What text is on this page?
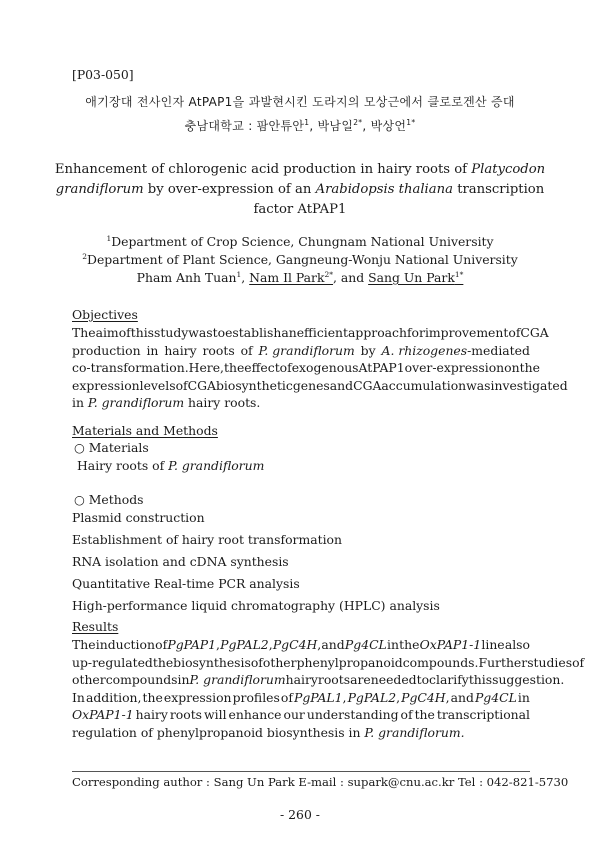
[P03-050]
애기장대 전사인자 AtPAP1을 과발현시킨 도라지의 모상근에서 클로로겐산 증대
충남대학교 : 팜안튜안$^1$, 박남일$^{2*}$, 박상언$^{1*}$
Enhancement of chlorogenic acid production in hairy roots of Platycodon
grandiflorum by over-expression of an Arabidopsis thaliana transcription
factor AtPAP1
$^1$Department of Crop Science, Chungnam National University
$^2$Department of Plant Science, Gangneung-Wonju National University
Pham Anh Tuan$^1$, Nam Il Park$^{2*}$, and Sang Un Park$^{1*}$
Objectives
The aim of this study was to establish an efficient approach for improvement of CGA
production in hairy roots of P. grandiflorum by A. rhizogenes-mediated
co-transformation. Here, the effect of exogenous AtPAP1 over-expression on the
expression levels of CGA biosynthetic genes and CGA accumulation was investigated
in P. grandiflorum hairy roots.
Materials and Methods
○ Materials
Hairy roots of P. grandiflorum
○ Methods
Plasmid construction
Establishment of hairy root transformation
RNA isolation and cDNA synthesis
Quantitative Real-time PCR analysis
High-performance liquid chromatography (HPLC) analysis
Results
The induction of PgPAP1, PgPAL2, PgC4H, and Pg4CL in the OxPAP1-1 line also
up-regulated the biosynthesis of other phenylpropanoid compounds. Further studies of
other compounds in P. grandiflorum hairy roots are needed to clarify this suggestion.
In addition, the expression profiles of PgPAL1, PgPAL2, PgC4H, and Pg4CL in
OxPAP1-1 hairy roots will enhance our understanding of the transcriptional
regulation of phenylpropanoid biosynthesis in P. grandiflorum.
Corresponding author : Sang Un Park E-mail : supark@cnu.ac.kr Tel : 042-821-5730
- 260 -
